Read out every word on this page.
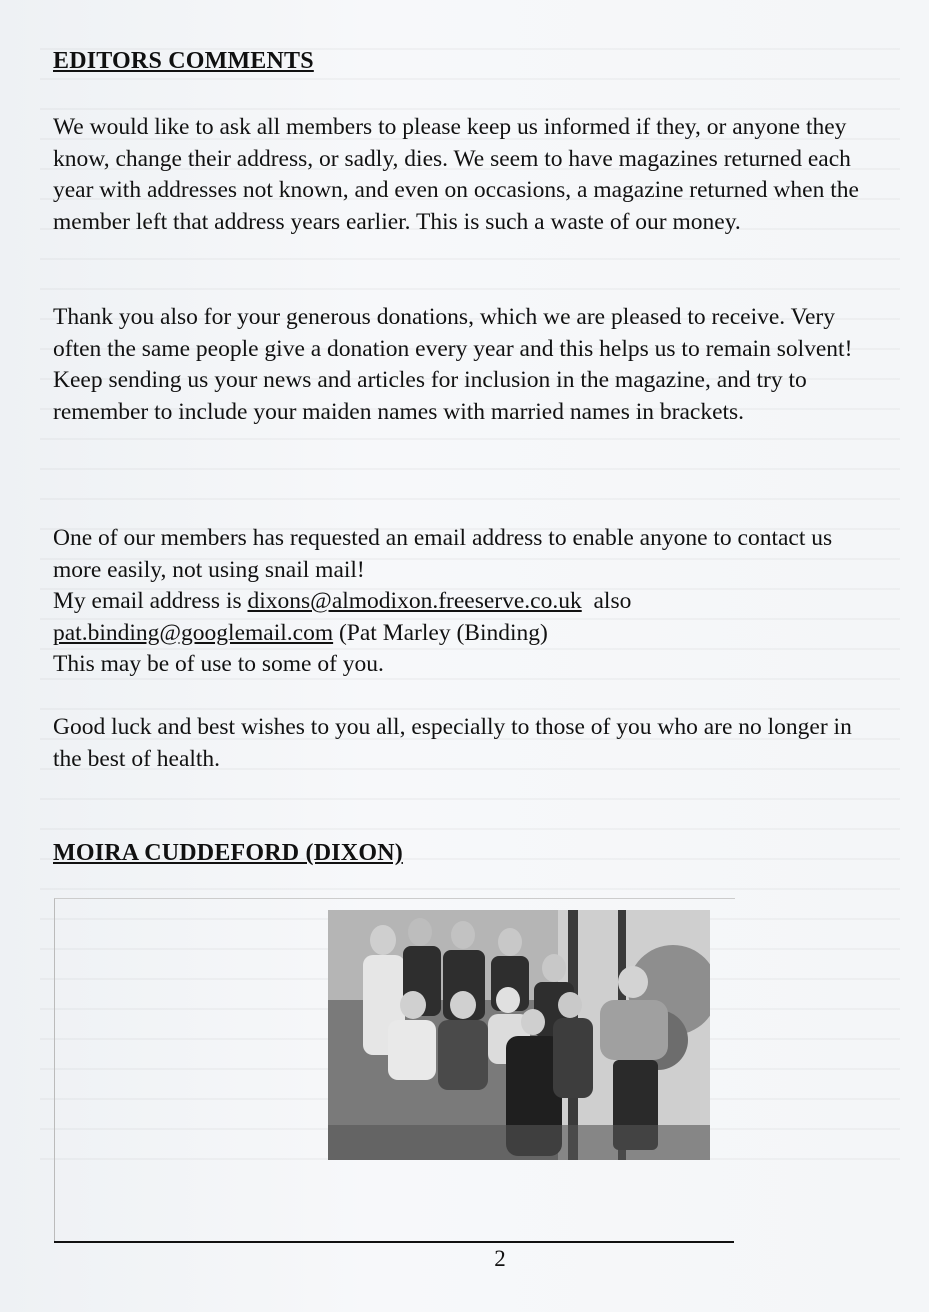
EDITORS COMMENTS

We would like to ask all members to please keep us informed if they, or anyone they know, change their address, or sadly, dies. We seem to have magazines returned each year with addresses not known, and even on occasions, a magazine returned when the member left that address years earlier. This is such a waste of our money.

Thank you also for your generous donations, which we are pleased to receive. Very often the same people give a donation every year and this helps us to remain solvent!

Keep sending us your news and articles for inclusion in the magazine, and try to remember to include your maiden names with married names in brackets.

One of our members has requested an email address to enable anyone to contact us more easily, not using snail mail!

My email address is dixons@almodixon.freeserve.co.uk  also

pat.binding@googlemail.com (Pat Marley (Binding)

This may be of use to some of you.

Good luck and best wishes to you all, especially to those of you who are no longer in the best of health.

MOIRA CUDDEFORD (DIXON)
2
